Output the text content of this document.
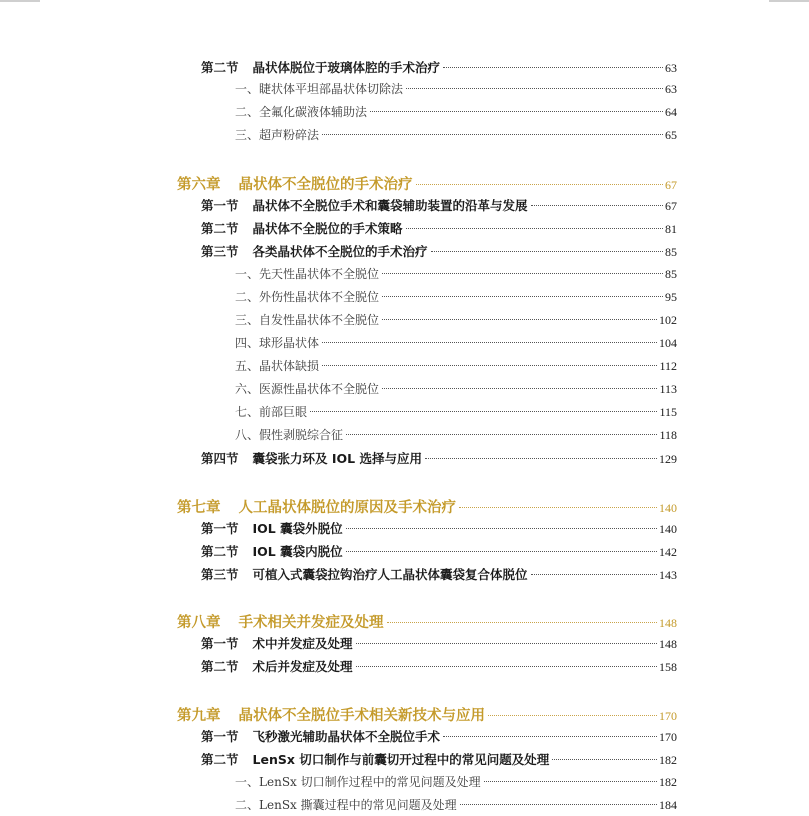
第二节 晶状体脱位于玻璃体腔的手术治疗	63
一、睫状体平坦部晶状体切除法	63
二、全氟化碳液体辅助法	64
三、超声粉碎法	65
第六章 晶状体不全脱位的手术治疗	67
第一节 晶状体不全脱位手术和囊袋辅助装置的沿革与发展	67
第二节 晶状体不全脱位的手术策略	81
第三节 各类晶状体不全脱位的手术治疗	85
一、先天性晶状体不全脱位	85
二、外伤性晶状体不全脱位	95
三、自发性晶状体不全脱位	102
四、球形晶状体	104
五、晶状体缺损	112
六、医源性晶状体不全脱位	113
七、前部巨眼	115
八、假性剥脱综合征	118
第四节 囊袋张力环及 IOL 选择与应用	129
第七章 人工晶状体脱位的原因及手术治疗	140
第一节 IOL 囊袋外脱位	140
第二节 IOL 囊袋内脱位	142
第三节 可植入式囊袋拉钩治疗人工晶状体囊袋复合体脱位	143
第八章 手术相关并发症及处理	148
第一节 术中并发症及处理	148
第二节 术后并发症及处理	158
第九章 晶状体不全脱位手术相关新技术与应用	170
第一节 飞秒激光辅助晶状体不全脱位手术	170
第二节 LenSx 切口制作与前囊切开过程中的常见问题及处理	182
一、LenSx 切口制作过程中的常见问题及处理	182
二、LenSx 撕囊过程中的常见问题及处理	184
